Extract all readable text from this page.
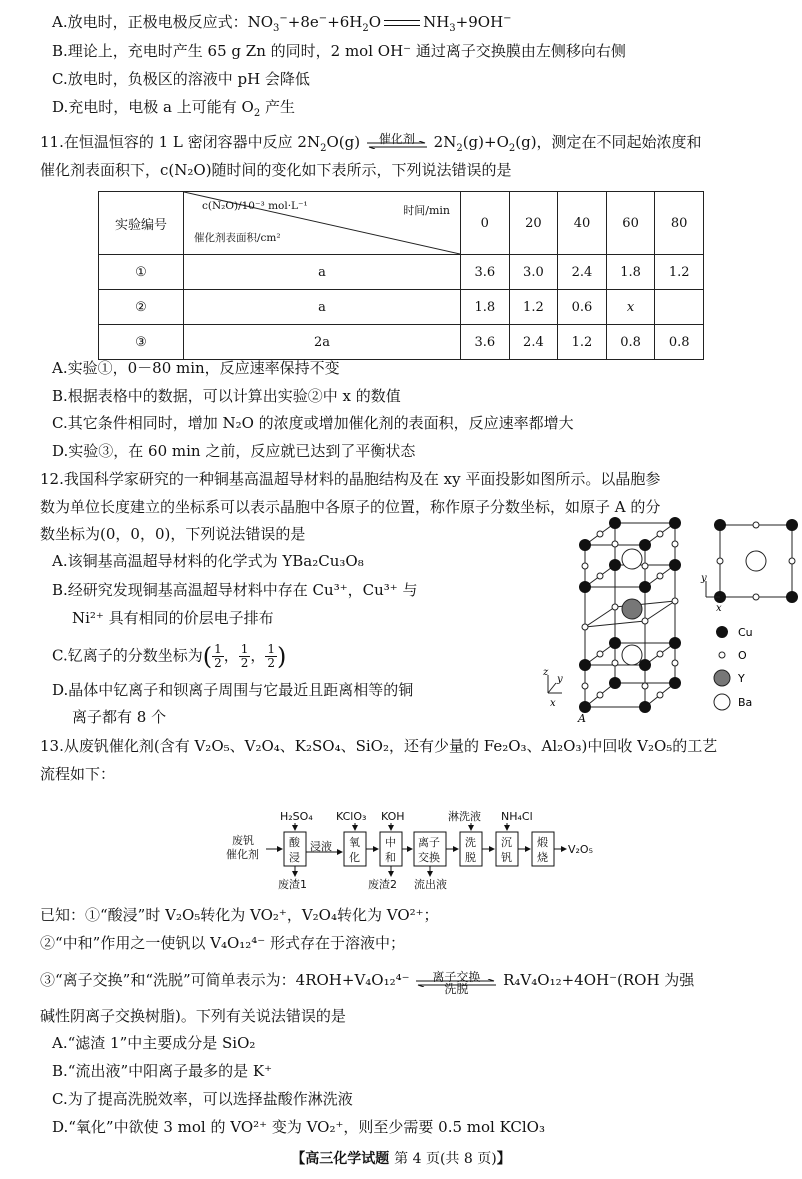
A.放电时，正极电极反应式：$NO_3^-+8e^-+6H_2O$	$NH_3+9OH^-$
B.理论上，充电时产生 65 g Zn 的同时，2 mol OH⁻ 通过离子交换膜由左侧移向右侧
C.放电时，负极区的溶液中 pH 会降低
D.充电时，电极 a 上可能有 $O_2$ 产生
11.在恒温恒容的 1 L 密闭容器中反应 $2N_2O(g)$	催化剂	$2N_2(g)+O_2(g)$，测定在不同起始浓度和
催化剂表面积下，c(N₂O)随时间的变化如下表所示，下列说法错误的是
实验编号	c(N₂O)/10⁻³ mol·L⁻¹ 时间/min
催化剂表面积/cm²	0	20	40	60	80
①	a	3.6	3.0	2.4	1.8	1.2
②	a	1.8	1.2	0.6	x	
③	2a	3.6	2.4	1.2	0.8	0.8
A.实验①，0－80 min，反应速率保持不变
B.根据表格中的数据，可以计算出实验②中 x 的数值
C.其它条件相同时，增加 N₂O 的浓度或增加催化剂的表面积，反应速率都增大
D.实验③，在 60 min 之前，反应就已达到了平衡状态
12.我国科学家研究的一种铜基高温超导材料的晶胞结构及在 xy 平面投影如图所示。以晶胞参
数为单位长度建立的坐标系可以表示晶胞中各原子的位置，称作原子分数坐标，如原子 A 的分
数坐标为(0，0，0)，下列说法错误的是
A.该铜基高温超导材料的化学式为 YBa₂Cu₃O₈
B.经研究发现铜基高温超导材料中存在 Cu³⁺，Cu³⁺ 与
Ni²⁺ 具有相同的价层电子排布
C.钇离子的分数坐标为( $\frac{1}{2}$ ， $\frac{1}{2}$ ， $\frac{1}{2}$ )
D.晶体中钇离子和钡离子周围与它最近且距离相等的铜
离子都有 8 个	A
z
y
x
y
x
Cu
O
Y
Ba
13.从废钒催化剂(含有 V₂O₅、V₂O₄、K₂SO₄、SiO₂，还有少量的 Fe₂O₃、Al₂O₃)中回收 V₂O₅的工艺
流程如下：
废钒
催化剂
H₂SO₄ KClO₃ KOH	淋洗液 NH₄Cl
浸液	V₂O₅
废渣1	废渣2 流出液
酸
浸
氧
化
中
和
离子
交换
洗
脱
沉
钒
煅
烧
已知：①“酸浸”时 V₂O₅转化为 VO₂⁺，V₂O₄转化为 VO²⁺；
②“中和”作用之一使钒以 V₄O₁₂⁴⁻ 形式存在于溶液中；
③“离子交换”和“洗脱”可简单表示为：4ROH+V₄O₁₂⁴⁻	离子交换
洗脱	R₄V₄O₁₂+4OH⁻(ROH 为强
碱性阴离子交换树脂)。下列有关说法错误的是
A.“滤渣 1”中主要成分是 SiO₂
B.“流出液”中阳离子最多的是 K⁺
C.为了提高洗脱效率，可以选择盐酸作淋洗液
D.“氧化”中欲使 3 mol 的 VO²⁺ 变为 VO₂⁺，则至少需要 0.5 mol KClO₃
【高三化学试题 第 4 页(共 8 页)】
